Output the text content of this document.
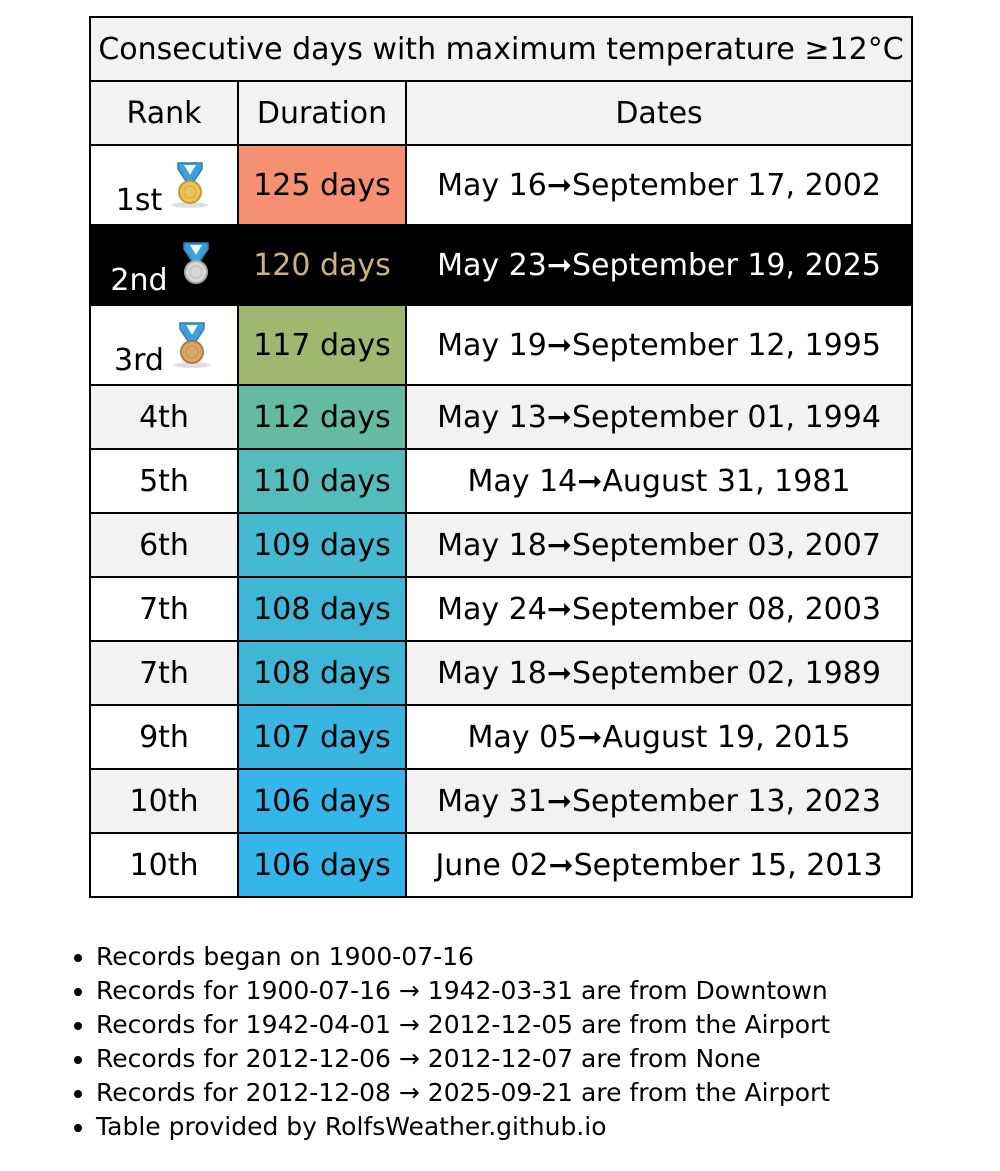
Consecutive days with maximum temperature ≥12°C		
Rank	Duration	Dates

1st	125 days	May 16➞September 17, 2002

2nd	120 days	May 23➞September 19, 2025

3rd	117 days	May 19➞September 12, 1995
4th	112 days	May 13➞September 01, 1994
5th	110 days	May 14➞August 31, 1981
6th	109 days	May 18➞September 03, 2007
7th	108 days	May 24➞September 08, 2003
7th	108 days	May 18➞September 02, 1989
9th	107 days	May 05➞August 19, 2015
10th	106 days	May 31➞September 13, 2023
10th	106 days	June 02➞September 15, 2013
• Records began on 1900-07-16
• Records for 1900-07-16 → 1942-03-31 are from Downtown
• Records for 1942-04-01 → 2012-12-05 are from the Airport
• Records for 2012-12-06 → 2012-12-07 are from None
• Records for 2012-12-08 → 2025-09-21 are from the Airport
• Table provided by RolfsWeather.github.io
